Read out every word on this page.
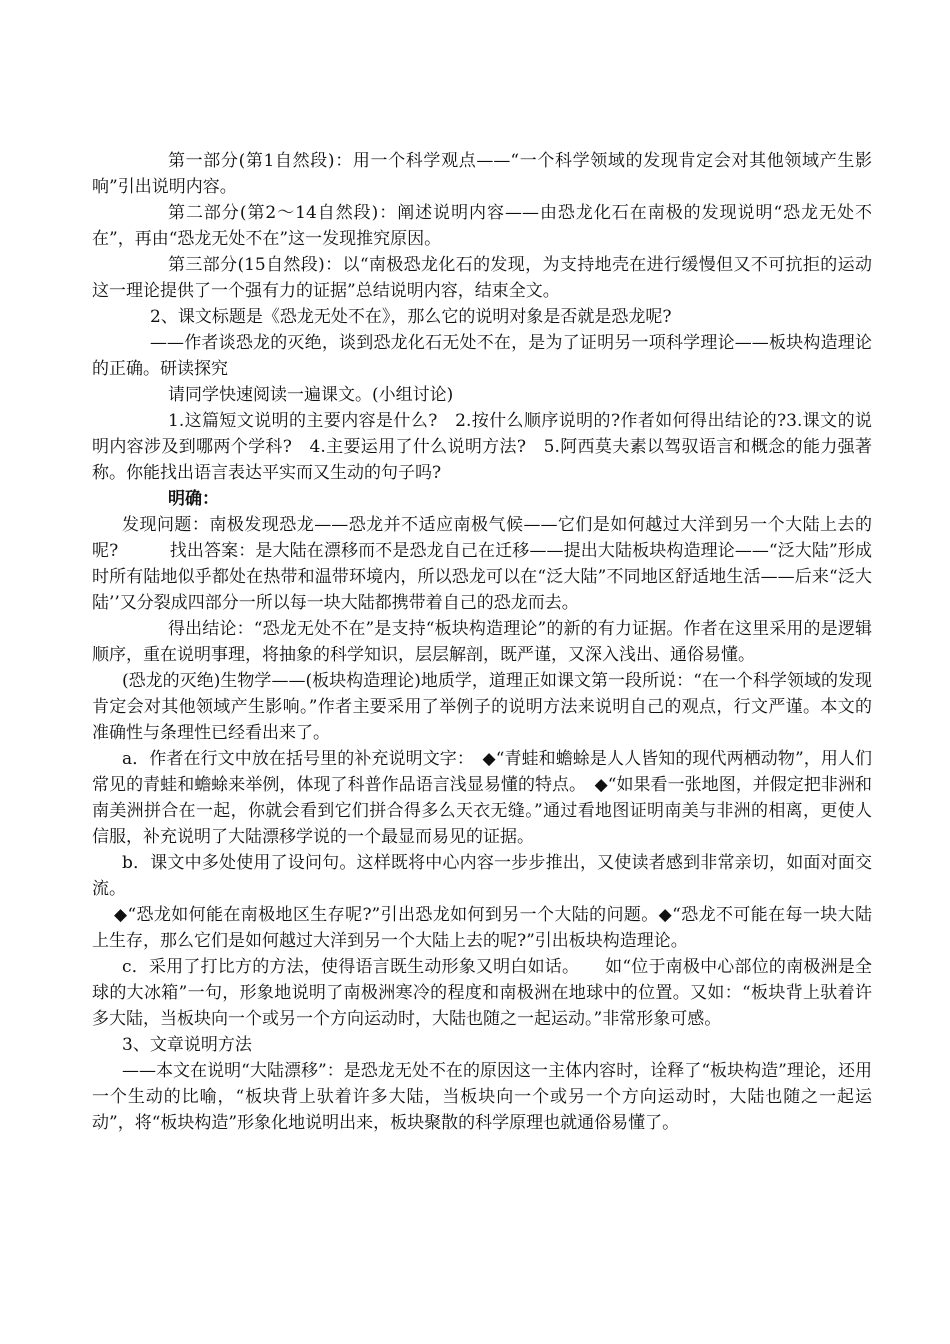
第一部分(第1自然段)：用一个科学观点——“一个科学领域的发现肯定会对其他领域产生影响”引出说明内容。

第二部分(第2～14自然段)：阐述说明内容——由恐龙化石在南极的发现说明“恐龙无处不在”，再由“恐龙无处不在”这一发现推究原因。

第三部分(15自然段)：以“南极恐龙化石的发现，为支持地壳在进行缓慢但又不可抗拒的运动这一理论提供了一个强有力的证据”总结说明内容，结束全文。

2、课文标题是《恐龙无处不在》，那么它的说明对象是否就是恐龙呢?

——作者谈恐龙的灭绝，谈到恐龙化石无处不在，是为了证明另一项科学理论——板块构造理论的正确。研读探究

请同学快速阅读一遍课文。(小组讨论)

1.这篇短文说明的主要内容是什么?　2.按什么顺序说明的?作者如何得出结论的?3.课文的说明内容涉及到哪两个学科?　4.主要运用了什么说明方法?　5.阿西莫夫素以驾驭语言和概念的能力强著称。你能找出语言表达平实而又生动的句子吗?

明确：

发现问题：南极发现恐龙——恐龙并不适应南极气候——它们是如何越过大洋到另一个大陆上去的呢?　　　找出答案：是大陆在漂移而不是恐龙自己在迁移——提出大陆板块构造理论——“泛大陆”形成时所有陆地似乎都处在热带和温带环境内，所以恐龙可以在“泛大陆”不同地区舒适地生活——后来“泛大陆’’又分裂成四部分一所以每一块大陆都携带着自己的恐龙而去。

得出结论：“恐龙无处不在”是支持“板块构造理论”的新的有力证据。作者在这里采用的是逻辑顺序，重在说明事理，将抽象的科学知识，层层解剖，既严谨，又深入浅出、通俗易懂。

(恐龙的灭绝)生物学——(板块构造理论)地质学，道理正如课文第一段所说：“在一个科学领域的发现肯定会对其他领域产生影响。”作者主要采用了举例子的说明方法来说明自己的观点，行文严谨。本文的准确性与条理性已经看出来了。

a．作者在行文中放在括号里的补充说明文字：　◆“青蛙和蟾蜍是人人皆知的现代两栖动物”，用人们常见的青蛙和蟾蜍来举例，体现了科普作品语言浅显易懂的特点。　◆“如果看一张地图，并假定把非洲和南美洲拼合在一起，你就会看到它们拼合得多么天衣无缝。”通过看地图证明南美与非洲的相离，更使人信服，补充说明了大陆漂移学说的一个最显而易见的证据。

b．课文中多处使用了设问句。这样既将中心内容一步步推出，又使读者感到非常亲切，如面对面交流。

◆“恐龙如何能在南极地区生存呢?”引出恐龙如何到另一个大陆的问题。◆“恐龙不可能在每一块大陆上生存，那么它们是如何越过大洋到另一个大陆上去的呢?”引出板块构造理论。

c．采用了打比方的方法，使得语言既生动形象又明白如话。　　如“位于南极中心部位的南极洲是全球的大冰箱”一句，形象地说明了南极洲寒冷的程度和南极洲在地球中的位置。又如：“板块背上驮着许多大陆，当板块向一个或另一个方向运动时，大陆也随之一起运动。”非常形象可感。

3、文章说明方法

——本文在说明“大陆漂移”：是恐龙无处不在的原因这一主体内容时，诠释了“板块构造”理论，还用一个生动的比喻，“板块背上驮着许多大陆，当板块向一个或另一个方向运动时，大陆也随之一起运动”，将“板块构造”形象化地说明出来，板块聚散的科学原理也就通俗易懂了。
